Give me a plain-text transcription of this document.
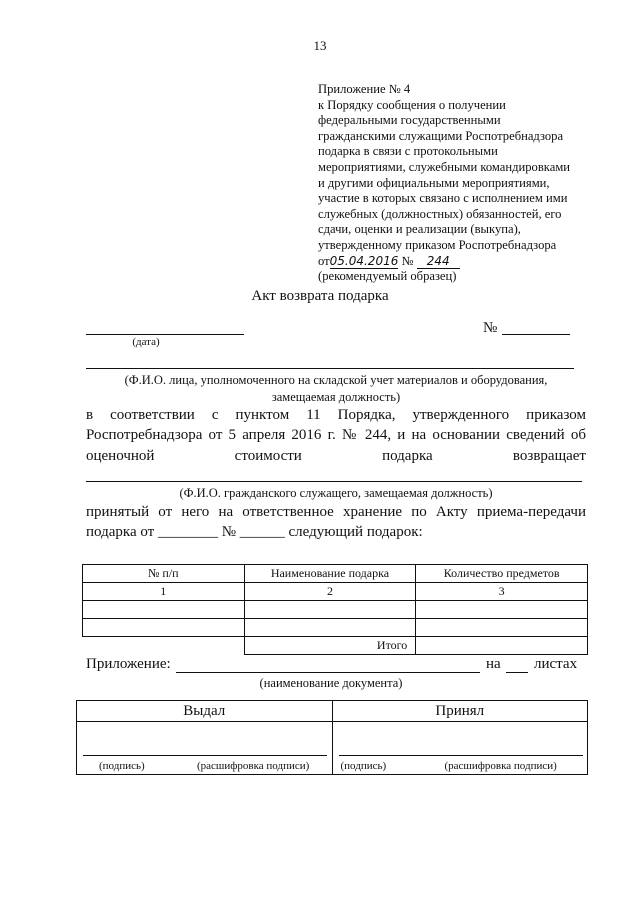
13
Приложение № 4
к Порядку сообщения о получении
федеральными государственными
гражданскими служащими Роспотребнадзора
подарка в связи с протокольными
мероприятиями, служебными командировками
и другими официальными мероприятиями,
участие в которых связано с исполнением ими
служебных (должностных) обязанностей, его
сдачи, оценки и реализации (выкупа),
утвержденному приказом Роспотребнадзора
от05.04.2016 № 244
(рекомендуемый образец)
Акт возврата подарка
(дата)
№
(Ф.И.О. лица, уполномоченного на складской учет материалов и оборудования,
замещаемая должность)
в соответствии с пунктом 11 Порядка, утвержденного приказом
Роспотребнадзора от 5 апреля 2016 г. № 244, и на основании сведений об
оценочной стоимости подарка возвращает
(Ф.И.О. гражданского служащего, замещаемая должность)
принятый от него на ответственное хранение по Акту приема-передачи
подарка от ________ № ______ следующий подарок:
№ п/п	Наименование подарка	Количество предметов
1	2	3

	Итого	
Приложение:	на листах
(наименование документа)
Выдал	Принял

(подпись) (расшифровка подписи)	(подпись) (расшифровка подписи)
